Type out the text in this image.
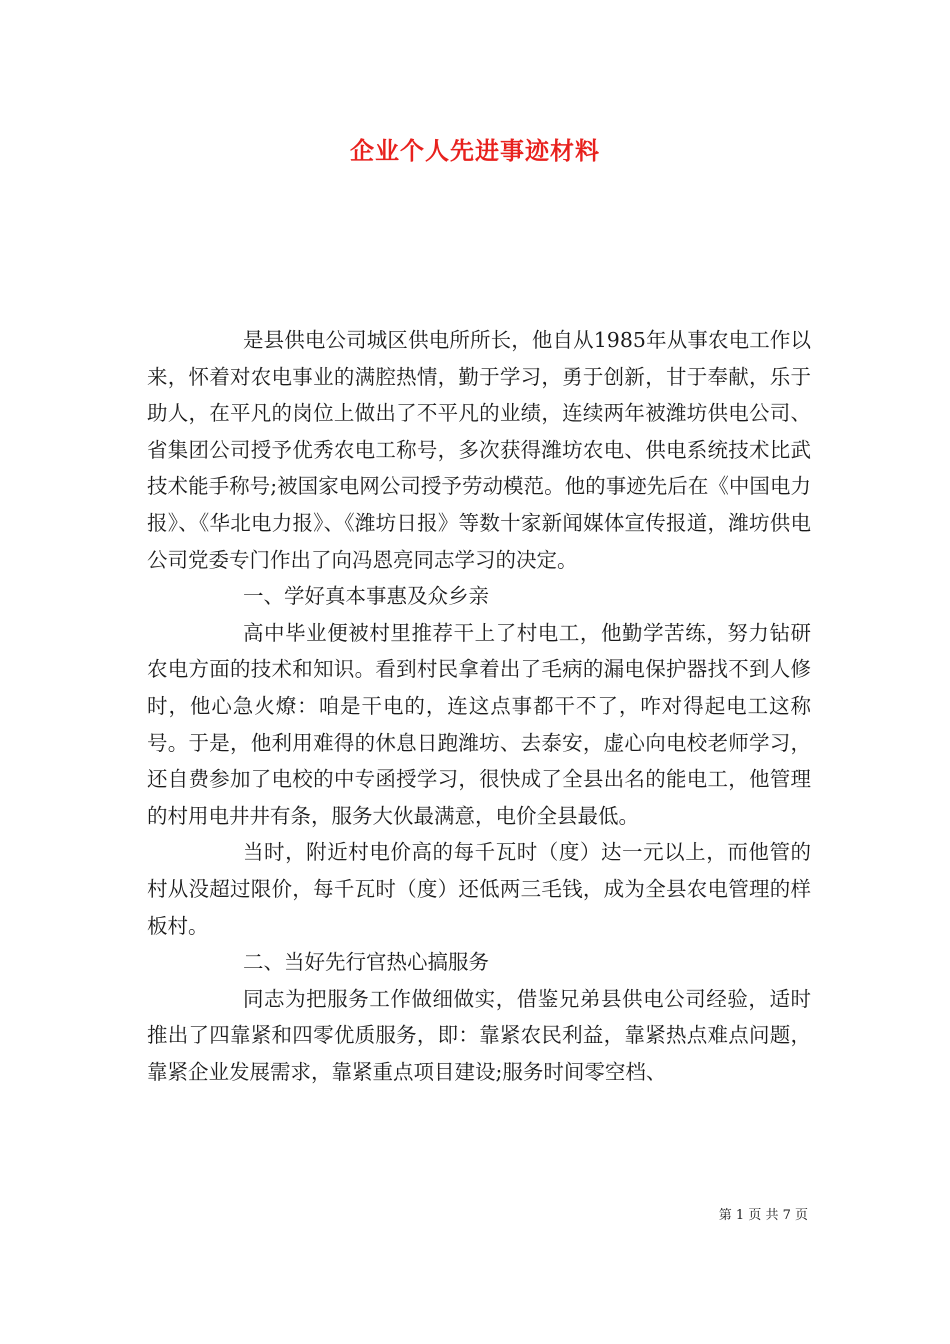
企业个人先进事迹材料

是县供电公司城区供电所所长，他自从1985年从事农电工作以来，怀着对农电事业的满腔热情，勤于学习，勇于创新，甘于奉献，乐于助人，在平凡的岗位上做出了不平凡的业绩，连续两年被潍坊供电公司、省集团公司授予优秀农电工称号，多次获得潍坊农电、供电系统技术比武技术能手称号;被国家电网公司授予劳动模范。他的事迹先后在《中国电力报》、《华北电力报》、《潍坊日报》等数十家新闻媒体宣传报道，潍坊供电公司党委专门作出了向冯恩亮同志学习的决定。

一、学好真本事惠及众乡亲

高中毕业便被村里推荐干上了村电工，他勤学苦练，努力钻研农电方面的技术和知识。看到村民拿着出了毛病的漏电保护器找不到人修时，他心急火燎：咱是干电的，连这点事都干不了，咋对得起电工这称号。于是，他利用难得的休息日跑潍坊、去泰安，虚心向电校老师学习，还自费参加了电校的中专函授学习，很快成了全县出名的能电工，他管理的村用电井井有条，服务大伙最满意，电价全县最低。

当时，附近村电价高的每千瓦时（度）达一元以上，而他管的村从没超过限价，每千瓦时（度）还低两三毛钱，成为全县农电管理的样板村。

二、当好先行官热心搞服务

同志为把服务工作做细做实，借鉴兄弟县供电公司经验，适时推出了四靠紧和四零优质服务，即：靠紧农民利益，靠紧热点难点问题，靠紧企业发展需求，靠紧重点项目建设;服务时间零空档、

第 1 页 共 7 页
